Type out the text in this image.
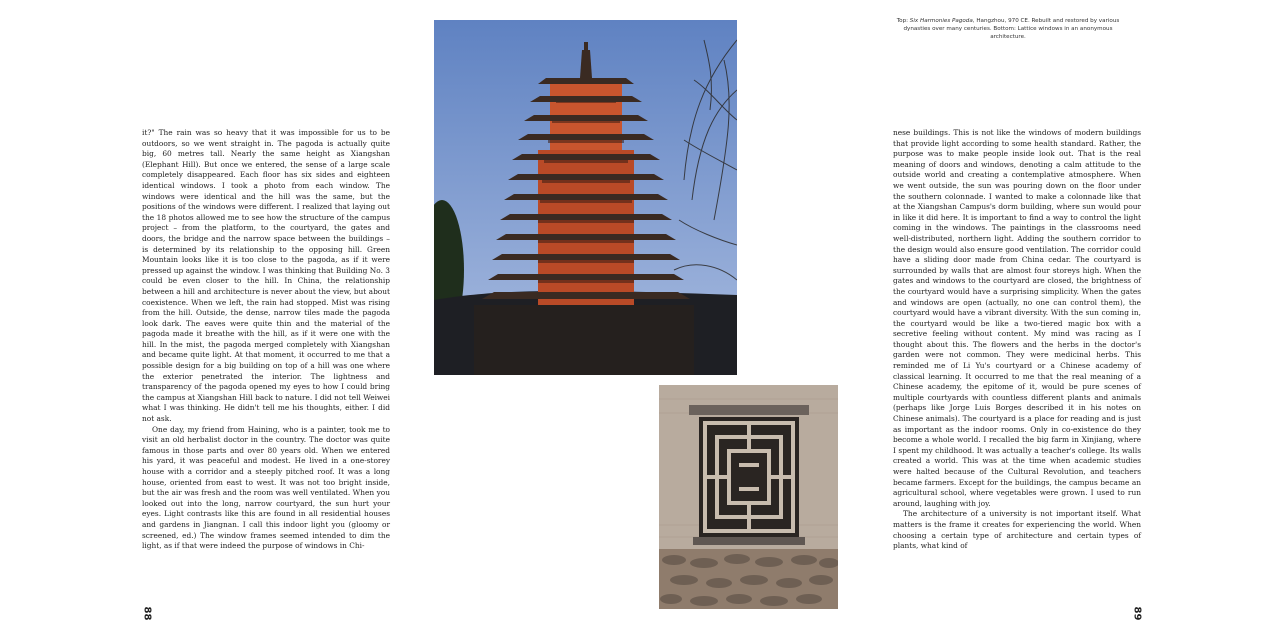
it?" The rain was so heavy that it was impossible for us to be outdoors, so we went straight in. The pagoda is actually quite big, 60 metres tall. Nearly the same height as Xiangshan (Elephant Hill). But once we entered, the sense of a large scale completely disappeared. Each floor has six sides and eighteen identical windows. I took a photo from each window. The windows were identical and the hill was the same, but the positions of the windows were different. I realized that laying out the 18 photos allowed me to see how the structure of the campus project – from the platform, to the courtyard, the gates and doors, the bridge and the narrow space between the buildings – is determined by its relationship to the opposing hill. Green Mountain looks like it is too close to the pagoda, as if it were pressed up against the window. I was thinking that Building No. 3 could be even closer to the hill. In China, the relationship between a hill and architecture is never about the view, but about coexistence. When we left, the rain had stopped. Mist was rising from the hill. Outside, the dense, narrow tiles made the pagoda look dark. The eaves were quite thin and the material of the pagoda made it breathe with the hill, as if it were one with the hill. In the mist, the pagoda merged completely with Xiangshan and became quite light. At that moment, it occurred to me that a possible design for a big building on top of a hill was one where the exterior penetrated the interior. The lightness and transparency of the pagoda opened my eyes to how I could bring the campus at Xiangshan Hill back to nature. I did not tell Weiwei what I was thinking. He didn't tell me his thoughts, either. I did not ask.

One day, my friend from Haining, who is a painter, took me to visit an old herbalist doctor in the country. The doctor was quite famous in those parts and over 80 years old. When we entered his yard, it was peaceful and modest. He lived in a one-storey house with a corridor and a steeply pitched roof. It was a long house, oriented from east to west. It was not too bright inside, but the air was fresh and the room was well ventilated. When you looked out into the long, narrow courtyard, the sun hurt your eyes. Light contrasts like this are found in all residential houses and gardens in Jiangnan. I call this indoor light you (gloomy or screened, ed.) The window frames seemed intended to dim the light, as if that were indeed the purpose of windows in Chi-

88
Top: Six Harmonies Pagoda, Hangzhou, 970 CE. Rebuilt and restored by various dynasties over many centuries. Bottom: Lattice windows in an anonymous architecture.

nese buildings. This is not like the windows of modern buildings that provide light according to some health standard. Rather, the purpose was to make people inside look out. That is the real meaning of doors and windows, denoting a calm attitude to the outside world and creating a contemplative atmosphere. When we went outside, the sun was pouring down on the floor under the southern colonnade. I wanted to make a colonnade like that at the Xiangshan Campus's dorm building, where sun would pour in like it did here. It is important to find a way to control the light coming in the windows. The paintings in the classrooms need well-distributed, northern light. Adding the southern corridor to the design would also ensure good ventilation. The corridor could have a sliding door made from China cedar. The courtyard is surrounded by walls that are almost four storeys high. When the gates and windows to the courtyard are closed, the brightness of the courtyard would have a surprising simplicity. When the gates and windows are open (actually, no one can control them), the courtyard would have a vibrant diversity. With the sun coming in, the courtyard would be like a two-tiered magic box with a secretive feeling without content. My mind was racing as I thought about this. The flowers and the herbs in the doctor's garden were not common. They were medicinal herbs. This reminded me of Li Yu's courtyard or a Chinese academy of classical learning. It occurred to me that the real meaning of a Chinese academy, the epitome of it, would be pure scenes of multiple courtyards with countless different plants and animals (perhaps like Jorge Luis Borges described it in his notes on Chinese animals). The courtyard is a place for reading and is just as important as the indoor rooms. Only in co-existence do they become a whole world. I recalled the big farm in Xinjiang, where I spent my childhood. It was actually a teacher's college. Its walls created a world. This was at the time when academic studies were halted because of the Cultural Revolution, and teachers became farmers. Except for the buildings, the campus became an agricultural school, where vegetables were grown. I used to run around, laughing with joy.

The architecture of a university is not important itself. What matters is the frame it creates for experiencing the world. When choosing a certain type of architecture and certain types of plants, what kind of

89
